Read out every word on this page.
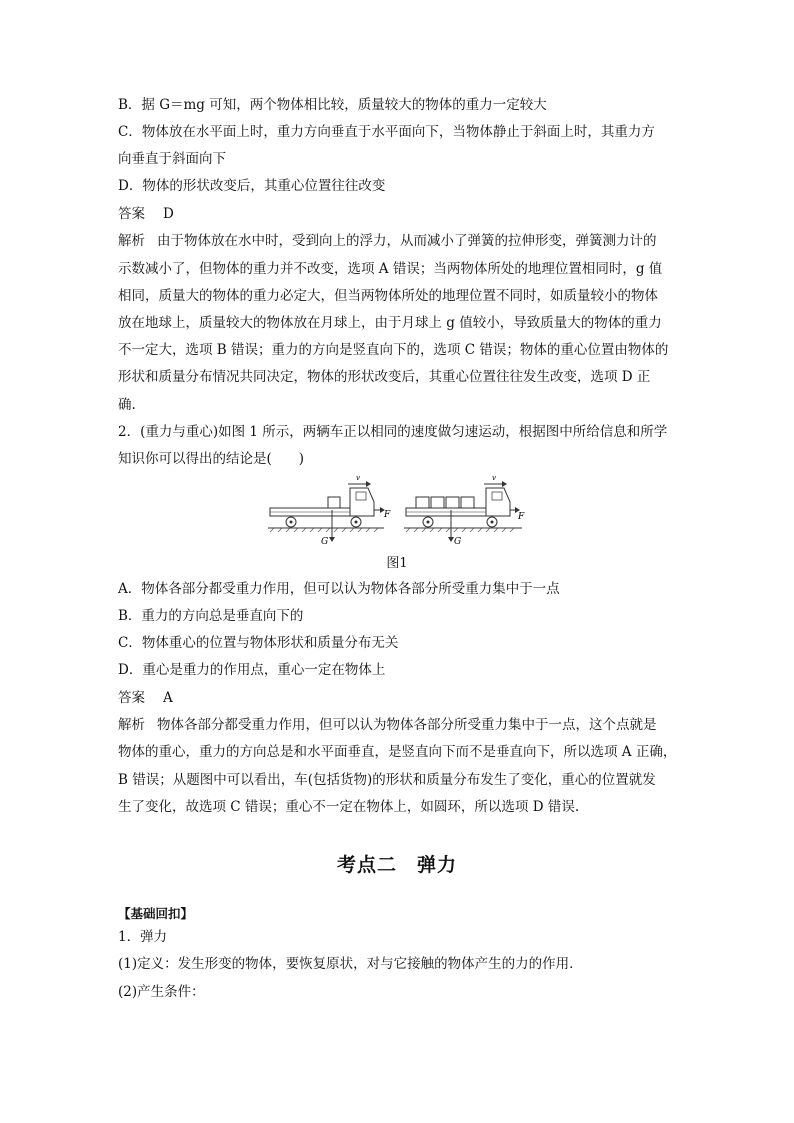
B．据 G＝mg 可知，两个物体相比较，质量较大的物体的重力一定较大
C．物体放在水平面上时，重力方向垂直于水平面向下，当物体静止于斜面上时，其重力方
向垂直于斜面向下
D．物体的形状改变后，其重心位置往往改变
答案 D
解析 由于物体放在水中时，受到向上的浮力，从而减小了弹簧的拉伸形变，弹簧测力计的
示数减小了，但物体的重力并不改变，选项 A 错误；当两物体所处的地理位置相同时，g 值
相同，质量大的物体的重力必定大，但当两物体所处的地理位置不同时，如质量较小的物体
放在地球上，质量较大的物体放在月球上，由于月球上 g 值较小，导致质量大的物体的重力
不一定大，选项 B 错误；重力的方向是竖直向下的，选项 C 错误；物体的重心位置由物体的
形状和质量分布情况共同决定，物体的形状改变后，其重心位置往往发生改变，选项 D 正
确.
2．(重力与重心)如图 1 所示，两辆车正以相同的速度做匀速运动，根据图中所给信息和所学
知识你可以得出的结论是(　　)
v
F
G
v
F
G
图1
A．物体各部分都受重力作用，但可以认为物体各部分所受重力集中于一点
B．重力的方向总是垂直向下的
C．物体重心的位置与物体形状和质量分布无关
D．重心是重力的作用点，重心一定在物体上
答案 A
解析 物体各部分都受重力作用，但可以认为物体各部分所受重力集中于一点，这个点就是
物体的重心，重力的方向总是和水平面垂直，是竖直向下而不是垂直向下，所以选项 A 正确，
B 错误；从题图中可以看出，车(包括货物)的形状和质量分布发生了变化，重心的位置就发
生了变化，故选项 C 错误；重心不一定在物体上，如圆环，所以选项 D 错误.
考点二　弹力
【基础回扣】
1．弹力
(1)定义：发生形变的物体，要恢复原状，对与它接触的物体产生的力的作用．
(2)产生条件：
